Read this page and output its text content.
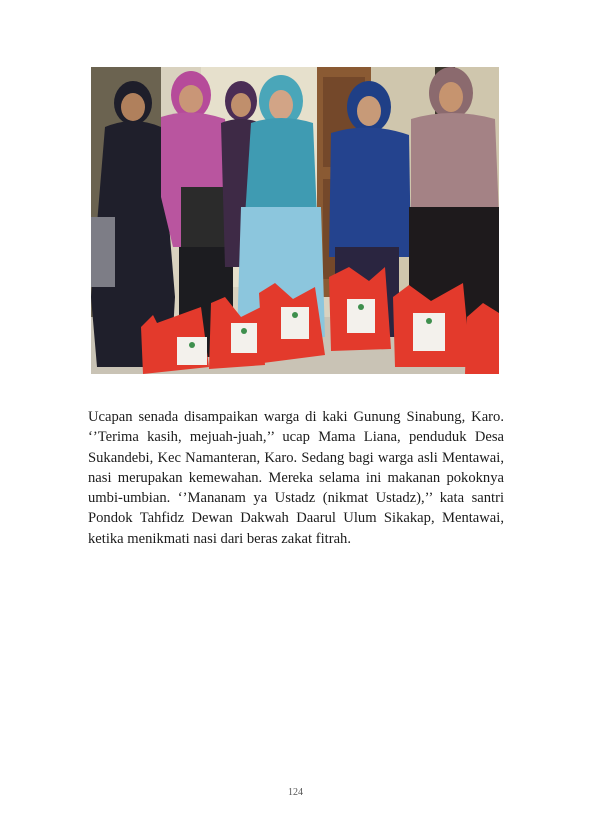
Ucapan senada disampaikan warga di kaki Gunung Sinabung, Karo. ‘’Terima kasih, mejuah-juah,’’ ucap Mama Liana, penduduk Desa Sukandebi, Kec Namanteran, Karo. Sedang bagi warga asli Mentawai, nasi merupakan kemewahan. Mereka selama ini makanan pokoknya umbi-umbian. ‘’Mananam ya Ustadz (nikmat Ustadz),’’ kata santri Pondok Tahfidz Dewan Dakwah Daarul Ulum Sikakap, Mentawai, ketika menikmati nasi dari beras zakat fitrah.

124
